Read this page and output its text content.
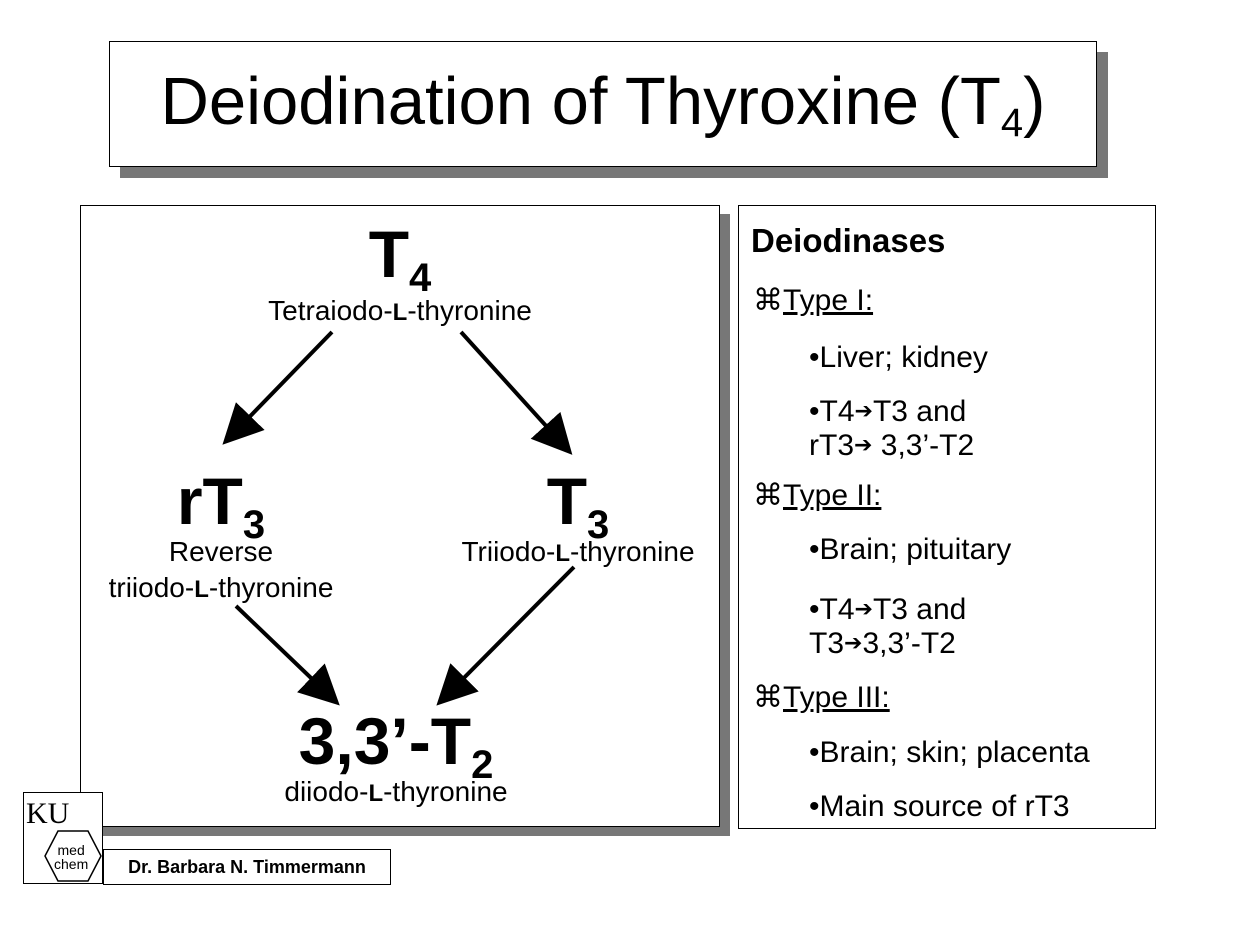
Deiodination of Thyroxine $(T_4)$
$T_4$
Tetraiodo-L-thyronine
$rT_3$
Reverse
triiodo-L-thyronine
$T_3$
Triiodo-L-thyronine
$3,3’-T_2$
diiodo-L-thyronine
Deiodinases
⌘Type I:
•Liver; kidney
•T4➔T3 and
rT3➔ 3,3’-T2
⌘Type II:
•Brain; pituitary
•T4➔T3 and
T3➔3,3’-T2
⌘Type III:
•Brain; skin; placenta
•Main source of rT3
KU
med
chem	Dr. Barbara N. Timmermann
